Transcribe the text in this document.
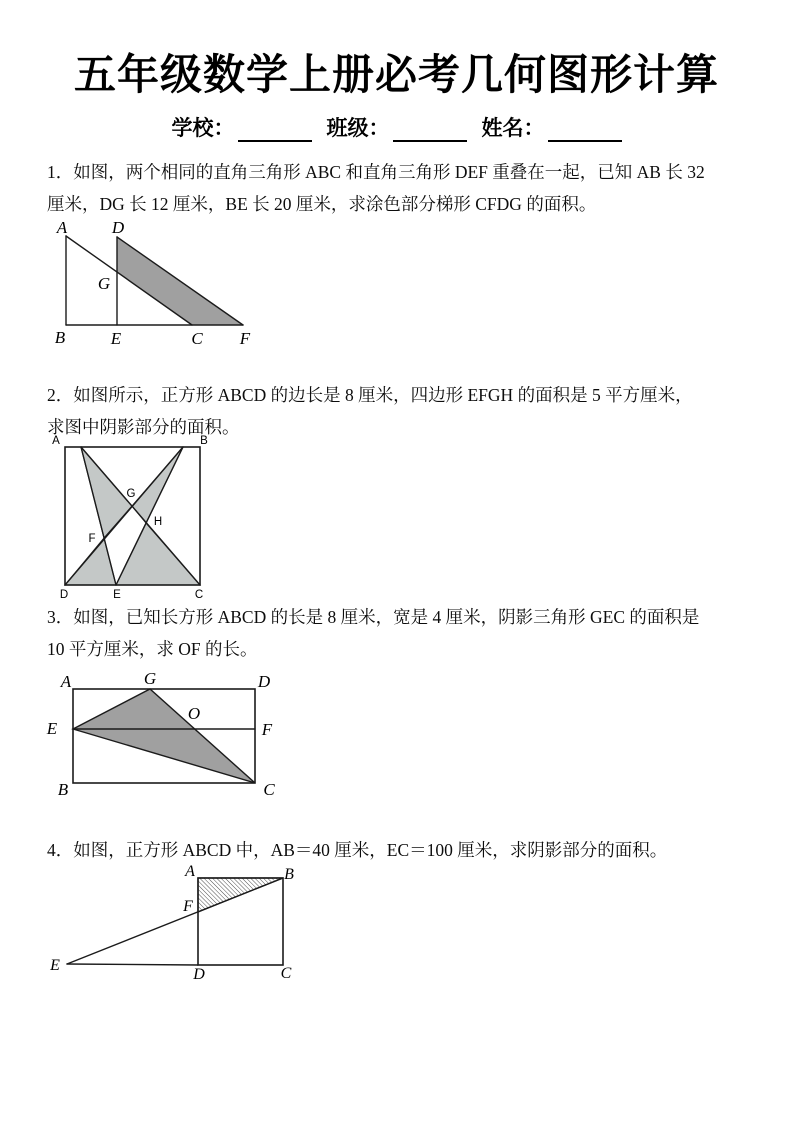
五年级数学上册必考几何图形计算
学校：	班级：	姓名：
1．如图，两个相同的直角三角形 ABC 和直角三角形 DEF 重叠在一起，已知 AB 长 32
厘米，DG 长 12 厘米，BE 长 20 厘米，求涂色部分梯形 CFDG 的面积。
A	D
G
B	E	C F
2．如图所示，正方形 ABCD 的边长是 8 厘米，四边形 EFGH 的面积是 5 平方厘米，
求图中阴影部分的面积。
A	B
G
H
F
D	E	C
3．如图，已知长方形 ABCD 的长是 8 厘米，宽是 4 厘米，阴影三角形 GEC 的面积是
10 平方厘米，求 OF 的长。
A	G	D
E
O
F
B	C
4．如图，正方形 ABCD 中，AB＝40 厘米，EC＝100 厘米，求阴影部分的面积。
A	B
F
E
D	C
